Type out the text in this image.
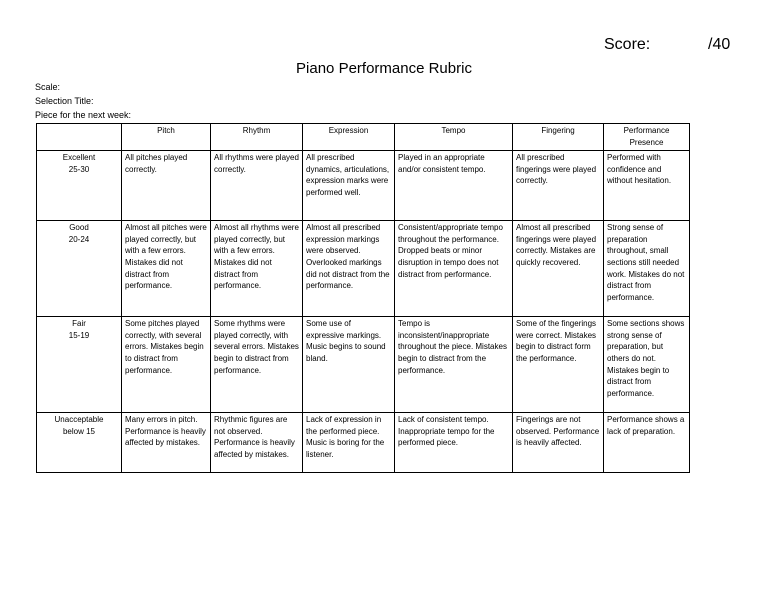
Score:	/40
Piano Performance Rubric
Scale:
Selection Title:
Piece for the next week:
	Pitch	Rhythm	Expression	Tempo	Fingering	Performance Presence

Excellent
25-30	All pitches played correctly.	All rhythms were played correctly.	All prescribed dynamics, articulations, expression marks were performed well.	Played in an appropriate and/or consistent tempo.	All prescribed fingerings were played correctly.	Performed with confidence and without hesitation.

Good
20-24	Almost all pitches were played correctly, but with a few errors. Mistakes did not distract from performance.	Almost all rhythms were played correctly, but with a few errors. Mistakes did not distract from performance.	Almost all prescribed expression markings were observed. Overlooked markings did not distract from the performance.	Consistent/appropriate tempo throughout the performance. Dropped beats or minor disruption in tempo does not distract from performance.	Almost all prescribed fingerings were played correctly. Mistakes are quickly recovered.	Strong sense of preparation throughout, small sections still needed work. Mistakes do not distract from performance.

Fair
15-19	Some pitches played correctly, with several errors. Mistakes begin to distract from performance.	Some rhythms were played correctly, with several errors. Mistakes begin to distract from performance.	Some use of expressive markings. Music begins to sound bland.	Tempo is inconsistent/inappropriate throughout the piece. Mistakes begin to distract from the performance.	Some of the fingerings were correct. Mistakes begin to distract form the performance.	Some sections shows strong sense of preparation, but others do not. Mistakes begin to distract from performance.

Unacceptable
below 15	Many errors in pitch. Performance is heavily affected by mistakes.	Rhythmic figures are not observed. Performance is heavily affected by mistakes.	Lack of expression in the performed piece. Music is boring for the listener.	Lack of consistent tempo. Inappropriate tempo for the performed piece.	Fingerings are not observed. Performance is heavily affected.	Performance shows a lack of preparation.
